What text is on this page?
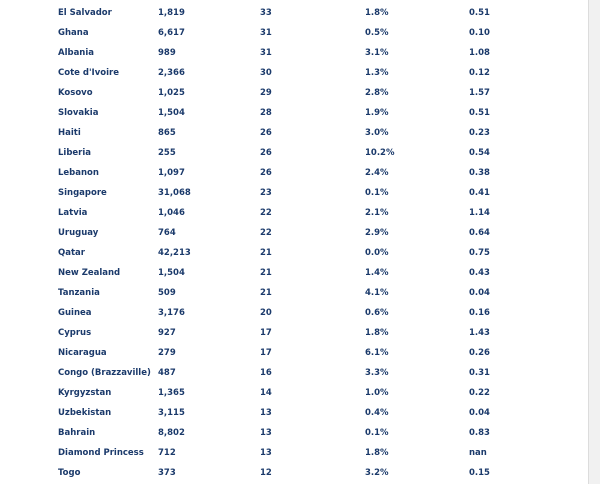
El Salvador	1,819	33	1.8%	0.51
Ghana	6,617	31	0.5%	0.10
Albania	989	31	3.1%	1.08
Cote d'Ivoire	2,366	30	1.3%	0.12
Kosovo	1,025	29	2.8%	1.57
Slovakia	1,504	28	1.9%	0.51
Haiti	865	26	3.0%	0.23
Liberia	255	26	10.2%	0.54
Lebanon	1,097	26	2.4%	0.38
Singapore	31,068	23	0.1%	0.41
Latvia	1,046	22	2.1%	1.14
Uruguay	764	22	2.9%	0.64
Qatar	42,213	21	0.0%	0.75
New Zealand	1,504	21	1.4%	0.43
Tanzania	509	21	4.1%	0.04
Guinea	3,176	20	0.6%	0.16
Cyprus	927	17	1.8%	1.43
Nicaragua	279	17	6.1%	0.26
Congo (Brazzaville)	487	16	3.3%	0.31
Kyrgyzstan	1,365	14	1.0%	0.22
Uzbekistan	3,115	13	0.4%	0.04
Bahrain	8,802	13	0.1%	0.83
Diamond Princess	712	13	1.8%	nan
Togo	373	12	3.2%	0.15
